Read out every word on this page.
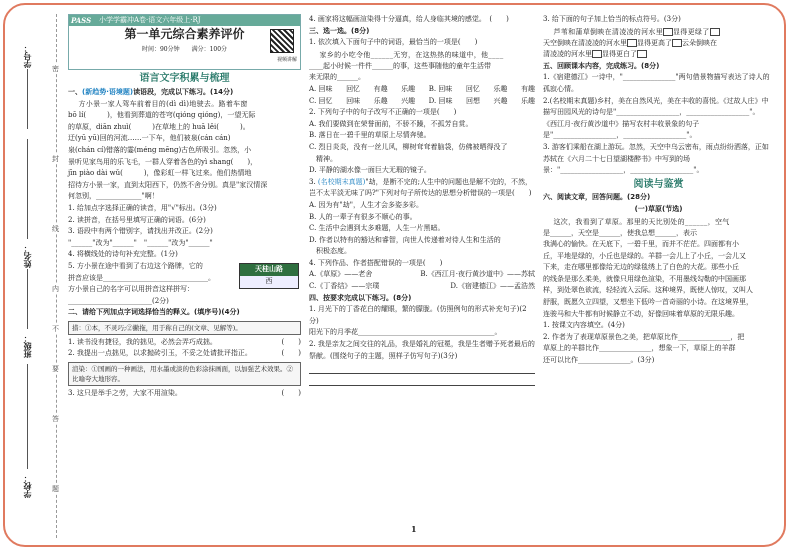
学号：
姓名：
班级：
学校：
密
封
线
内
不
要
答
题
PASS 小学学霸冲A卷·语文六年级上·RJ
第一单元综合素养评价
时间：90分钟　　满分：100分
视频讲解
语言文字积累与梳理
一、(新趋势·语境题)读语段，完成以下练习。(14分)
方小景一家人驾车前着目的(dì dì)地驶去。路着车窗
bō lí(　　　)，他看到葬道的苍穹(qióng qióng)，一望无际
的草原，diān zhuì(　　　)在草地上的 huā lěi(　　　)。
迂(yū yū)回的河流……一下车，他们被泉(cán cán)
泉(chán cí)错落的霎(méng mēng)古色所吸引。忽然，小
景听见家鸟用的乐飞毛，一群人穿着各色的yì shang(　　)，
jīn piào dài wǔ(　　　)，像彩虹一样飞过来。他们热情地
招待方小景一家，直到太阳西下，仍然不舍分别。真是"家汉情深
何忽别，_____________"啊！
1. 给加点字选择正确的读音，用"√"标出。(3分)
2. 读拼音，在括号里填写正确的词语。(6分)
3. 语段中有两个错别字，请找出并改正。(2分)
"______"改为"______"　"______"改为"______"
4. 将横线处的诗句补充完整。(1分)
天桂山路
西
5. 方小景在途中看到了右边这个路牌，它的
拼音应该是______________________________。
方小景自己的名字可以用拼音这样拼写：
________________________(2分)
二、请给下列加点字词选择恰当的释义。(填序号)(4分)
措：①本，不灵巧;②撇拖，用于称自己的(文章、见解等)。
1. 读书没有捷径，我的拙见，必然会弄巧成拙。	(　　)
2. 我提出一点拙见，以求抛砖引玉，不妥之处请批评指正。	(　　)
渲染：①国画的一种画法，用水墨或淡的色彩涂抹画面，以加强艺术效果。②比喻夸大地形容。
3. 这只是举手之劳，大家不用渲染。	(　　)
4. 画家将这幅画渲染得十分逼真，给人身临其境的感觉。　(　　)
三、选一选。(8分)
1. 依次填入下面句子中的词语，最恰当的一项是(　　)
家乡的小吃令他______无穷，在这热热的味道中，他____
____起小时候一件件______的事，这些事随他的童年生活带
来无限的______。
A. 回味 回忆 有趣 乐趣 B. 回味 回忆 乐趣 有趣
C. 回忆 回味 乐趣 兴趣 D. 回味 回想 兴趣 乐趣
2. 下列句子中的句子改写不正确的一项是(　　)
A. 我们要做到在荣誉面前，不骄不躁，不孤芳自赏。
B. 落日在一碧千里的草原上尽情奔驰。
C. 烈日炎炎，没有一丝儿风，柳树耷耷着脑袋，仿佛被晒得没了
　精神。
D. 平静的湖水像一面巨大无瑕的镜子。
3. (名校期末真题)"劫，是断不完的;人生中的问题也是解不完的，不然，岂不太平淡无味了吗?"下列对句子所传达的思想分析错误的一项是(　　)
A. 因为有"劫"，人生才会多姿多彩。
B. 人的一辈子有很多不顺心的事。
C. 生活中会遇到太多难题，人生一片黑暗。
D. 作者以特有的豁达和睿智，向世人传递着对待人生和生活的
　积极态度。
4. 下列作品、作者搭配错误的一项是(　　)
A.《草原》——老舍	B.《西江月·夜行黄沙道中》——苏轼
C.《丁香结》——宗璞	D.《宿建德江》——孟浩然
四、按要求完成以下练习。(8分)
1. 月光下的丁香花白的耀眼，繁的朦胧。(仿照例句的形式补充句子)(2分)
阳光下的月季花_______________________________________。
2. 我是亲友之间交往的礼品，我是婚礼的冠冕，我是生者赠予死者最后的祭献。(围绕句子的主题，照样子仿写句子)(3分)
3. 给下面的句子加上恰当的标点符号。(3分)
芦苇和蒲草倒映在清凌凌的河水里 显得更绿了
天空倒映在清凌凌的河水里 显得更高了 云朵倒映在
清凌凌的河水里 显得更白了
五、回顾课本内容，完成练习。(8分)
1.《宿建德江》一诗中，"_______________"两句借景物描写表达了诗人的孤寂心情。
2.(名校期末真题)乡村，美在自然风光，美在丰收的喜悦。《过故人庄》中描写田园风光的诗句是"__________________，__________________"。
《西江月·夜行黄沙道中》描写农村丰收景象的句子是"__________________，__________________"。
3. 游客们乘船在湖上游玩。忽然，天空中乌云密布，雨点纷纷洒落，正如苏轼在《六月二十七日望湖楼醉书》中写到的场景："__________________，__________________"。
阅读与鉴赏
六、阅读文章，回答问题。(28分)
(一)草原(节选)
这次，我看到了草原。那里的天比别处的______，空气
是______，天空是______，使我总想______，表示
我满心的愉快。在天底下，一碧千里，而并不茫茫。四面都有小
丘，平地是绿的，小丘也是绿的。羊群一会儿上了小丘，一会儿又
下来，走在哪里都像给无边的绿毯绣上了白色的大花。那些小丘
的线条是那么柔美，就像只用绿色渲染，不用墨线勾勒的中国画那
样，到处翠色欲流，轻轻流入云际。这种境界，既使人惊叹，又叫人
舒服，既愿久立四望，又想坐下低吟一首奇丽的小诗。在这境界里，
连骏马和大牛都有时候静立不动，好像回味着草原的无限乐趣。
1. 按课文内容填空。(4分)
2. 作者为了表现草原景色之美，把草原比作_______________，把
草原上的羊群比作_______________，想象一下，草原上的羊群
还可以比作_______________。(3分)
1
